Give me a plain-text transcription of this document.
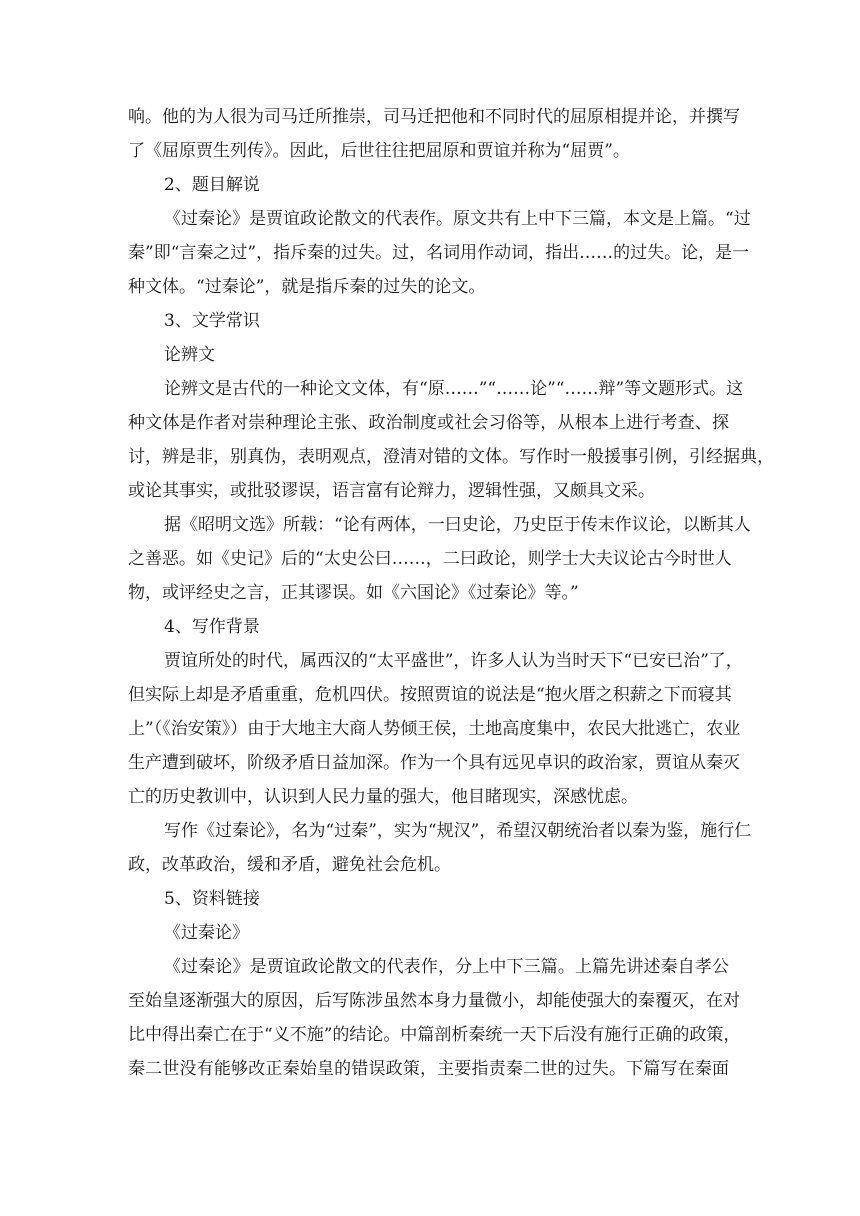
响。他的为人很为司马迁所推崇，司马迁把他和不同时代的屈原相提并论，并撰写
了《屈原贾生列传》。因此，后世往往把屈原和贾谊并称为“屈贾”。
2、题目解说
《过秦论》是贾谊政论散文的代表作。原文共有上中下三篇，本文是上篇。“过
秦”即“言秦之过”，指斥秦的过失。过，名词用作动词，指出……的过失。论，是一
种文体。“过秦论”，就是指斥秦的过失的论文。
3、文学常识
论辨文
论辨文是古代的一种论文文体，有“原……”“……论”“……辩”等文题形式。这
种文体是作者对崇种理论主张、政治制度或社会习俗等，从根本上进行考查、探
讨，辨是非，别真伪，表明观点，澄清对错的文体。写作时一般援事引例，引经据典，
或论其事实，或批驳谬误，语言富有论辩力，逻辑性强，又颇具文采。
据《昭明文选》所载：“论有两体，一曰史论，乃史臣于传末作议论，以断其人
之善恶。如《史记》后的“太史公曰……，二曰政论，则学士大夫议论古今时世人
物，或评经史之言，正其谬误。如《六国论》《过秦论》等。”
4、写作背景
贾谊所处的时代，属西汉的“太平盛世”，许多人认为当时天下“已安已治”了，
但实际上却是矛盾重重，危机四伏。按照贾谊的说法是“抱火厝之积薪之下而寝其
上”（《治安策》）由于大地主大商人势倾王侯，土地高度集中，农民大批逃亡，农业
生产遭到破坏，阶级矛盾日益加深。作为一个具有远见卓识的政治家，贾谊从秦灭
亡的历史教训中，认识到人民力量的强大，他目睹现实，深感忧虑。
写作《过秦论》，名为“过秦”，实为“规汉”，希望汉朝统治者以秦为鉴，施行仁
政，改革政治，缓和矛盾，避免社会危机。
5、资料链接
《过秦论》
《过秦论》是贾谊政论散文的代表作，分上中下三篇。上篇先讲述秦自孝公
至始皇逐渐强大的原因，后写陈涉虽然本身力量微小，却能使强大的秦覆灭，在对
比中得出秦亡在于“义不施”的结论。中篇剖析秦统一天下后没有施行正确的政策，
秦二世没有能够改正秦始皇的错误政策，主要指责秦二世的过失。下篇写在秦面
